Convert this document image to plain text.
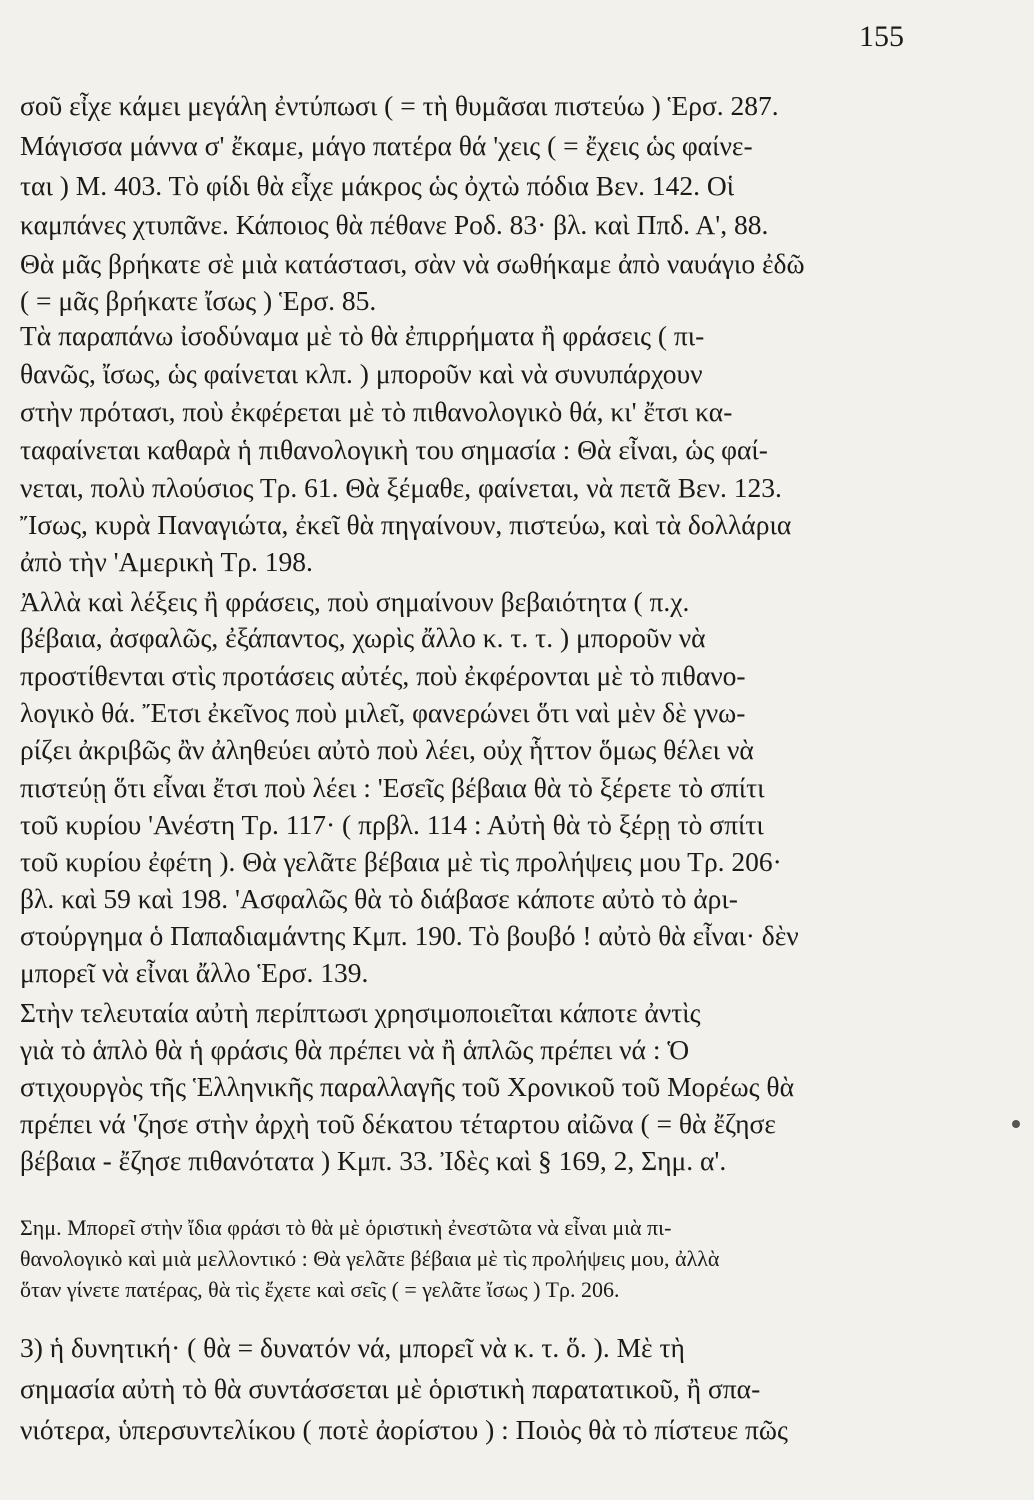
155
σοῦ εἶχε κάμει μεγάλη ἐντύπωσι ( = τὴ θυμᾶσαι πιστεύω ) Ἑρσ. 287.
Μάγισσα μάννα σ' ἔκαμε, μάγο πατέρα θά 'χεις ( = ἔχεις ὡς φαίνε-
ται ) Μ. 403. Τὸ φίδι θὰ εἶχε μάκρος ὡς ὀχτὼ πόδια Βεν. 142. Οἱ
καμπάνες χτυπᾶνε. Κάποιος θὰ πέθανε Ροδ. 83· βλ. καὶ Ππδ. Α', 88.
Θὰ μᾶς βρήκατε σὲ μιὰ κατάστασι, σὰν νὰ σωθήκαμε ἀπὸ ναυάγιο ἐδῶ
( = μᾶς βρήκατε ἴσως ) Ἑρσ. 85.
Τὰ παραπάνω ἰσοδύναμα μὲ τὸ θὰ ἐπιρρήματα ἢ φράσεις ( πι-
θανῶς, ἴσως, ὡς φαίνεται κλπ. ) μποροῦν καὶ νὰ συνυπάρχουν
στὴν πρότασι, ποὺ ἐκφέρεται μὲ τὸ πιθανολογικὸ θά, κι' ἔτσι κα-
ταφαίνεται καθαρὰ ἡ πιθανολογικὴ του σημασία : Θὰ εἶναι, ὡς φαί-
νεται, πολὺ πλούσιος Τρ. 61. Θὰ ξέμαθε, φαίνεται, νὰ πετᾶ Βεν. 123.
Ἴσως, κυρὰ Παναγιώτα, ἐκεῖ θὰ πηγαίνουν, πιστεύω, καὶ τὰ δολλάρια
ἀπὸ τὴν 'Αμερικὴ Τρ. 198.
Ἀλλὰ καὶ λέξεις ἢ φράσεις, ποὺ σημαίνουν βεβαιότητα ( π.χ.
βέβαια, ἀσφαλῶς, ἐξάπαντος, χωρὶς ἄλλο κ. τ. τ. ) μποροῦν νὰ
προστίθενται στὶς προτάσεις αὐτές, ποὺ ἐκφέρονται μὲ τὸ πιθανο-
λογικὸ θά. Ἔτσι ἐκεῖνος ποὺ μιλεῖ, φανερώνει ὅτι ναὶ μὲν δὲ γνω-
ρίζει ἀκριβῶς ἂν ἀληθεύει αὐτὸ ποὺ λέει, οὐχ ἧττον ὅμως θέλει νὰ
πιστεύῃ ὅτι εἶναι ἔτσι ποὺ λέει : 'Εσεῖς βέβαια θὰ τὸ ξέρετε τὸ σπίτι
τοῦ κυρίου 'Ανέστη Τρ. 117· ( πρβλ. 114 : Αὐτὴ θὰ τὸ ξέρῃ τὸ σπίτι
τοῦ κυρίου ἐφέτη ). Θὰ γελᾶτε βέβαια μὲ τὶς προλήψεις μου Τρ. 206·
βλ. καὶ 59 καὶ 198. 'Ασφαλῶς θὰ τὸ διάβασε κάποτε αὐτὸ τὸ ἀρι-
στούργημα ὁ Παπαδιαμάντης Κμπ. 190. Τὸ βουβό ! αὐτὸ θὰ εἶναι· δὲν
μπορεῖ νὰ εἶναι ἄλλο Ἑρσ. 139.
Στὴν τελευταία αὐτὴ περίπτωσι χρησιμοποιεῖται κάποτε ἀντὶς
γιὰ τὸ ἁπλὸ θὰ ἡ φράσις θὰ πρέπει νὰ ἢ ἁπλῶς πρέπει νά : Ὁ
στιχουργὸς τῆς Ἑλληνικῆς παραλλαγῆς τοῦ Χρονικοῦ τοῦ Μορέως θὰ
πρέπει νά 'ζησε στὴν ἀρχὴ τοῦ δέκατου τέταρτου αἰῶνα ( = θὰ ἔζησε
βέβαια - ἔζησε πιθανότατα ) Κμπ. 33. Ἰδὲς καὶ § 169, 2, Σημ. α'.
Σημ. Μπορεῖ στὴν ἴδια φράσι τὸ θὰ μὲ ὁριστικὴ ἐνεστῶτα νὰ εἶναι μιὰ πι-
θανολογικὸ καὶ μιὰ μελλοντικό : Θὰ γελᾶτε βέβαια μὲ τὶς προλήψεις μου, ἀλλὰ
ὅταν γίνετε πατέρας, θὰ τὶς ἔχετε καὶ σεῖς ( = γελᾶτε ἴσως ) Τρ. 206.
3) ἡ δυνητική· ( θὰ = δυνατόν νά, μπορεῖ νὰ κ. τ. ὅ. ). Μὲ τὴ
σημασία αὐτὴ τὸ θὰ συντάσσεται μὲ ὁριστικὴ παρατατικοῦ, ἢ σπα-
νιότερα, ὑπερσυντελίκου ( ποτὲ ἀορίστου ) : Ποιὸς θὰ τὸ πίστευε πῶς
